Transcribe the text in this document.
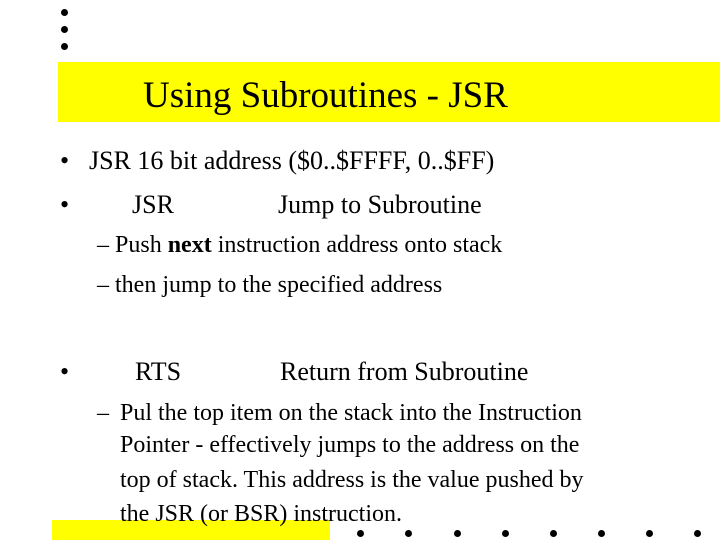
Using Subroutines - JSR
• JSR 16 bit address ($0..$FFFF, 0..$FF)
• JSR	Jump to Subroutine
– Push next instruction address onto stack
– then jump to the specified address
•	RTS	Return from Subroutine
– Pul the top item on the stack into the Instruction
Pointer - effectively jumps to the address on the
top of stack. This address is the value pushed by
the JSR (or BSR) instruction.
